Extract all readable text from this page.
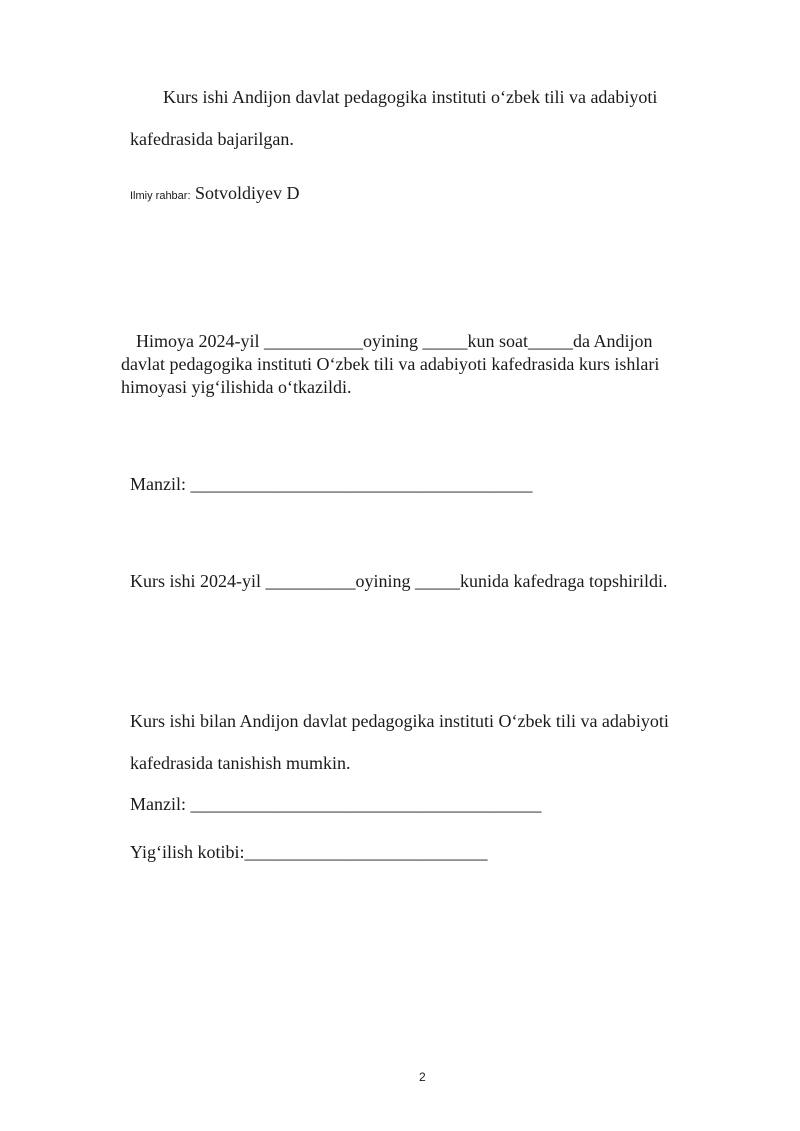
Kurs ishi Andijon davlat pedagogika instituti o‘zbek tili va adabiyoti
kafedrasida bajarilgan.
Ilmiy rahbar: Sotvoldiyev D
Himoya 2024-yil ___________oyining _____kun soat_____da Andijon
davlat pedagogika instituti O‘zbek tili va adabiyoti kafedrasida kurs ishlari
himoyasi yig‘ilishida o‘tkazildi.
Manzil: ______________________________________
Kurs ishi 2024-yil __________oyining _____kunida kafedraga topshirildi.
Kurs ishi bilan Andijon davlat pedagogika instituti O‘zbek tili va adabiyoti
kafedrasida tanishish mumkin.
Manzil: _______________________________________
Yig‘ilish kotibi:___________________________
2
